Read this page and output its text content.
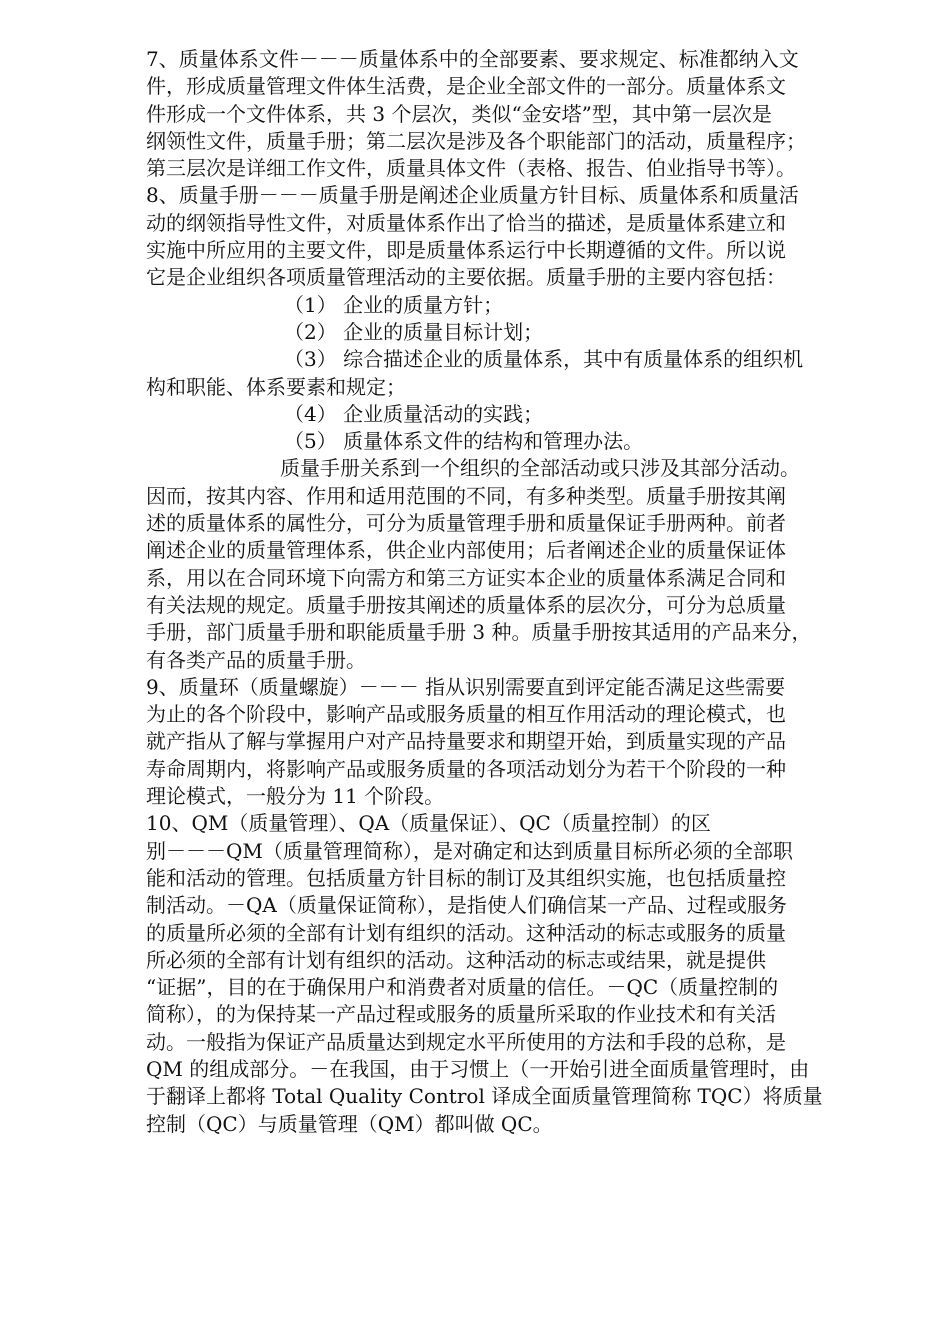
7、质量体系文件－－－质量体系中的全部要素、要求规定、标准都纳入文
件，形成质量管理文件体生活费，是企业全部文件的一部分。质量体系文
件形成一个文件体系，共 3 个层次，类似“金安塔”型，其中第一层次是
纲领性文件，质量手册；第二层次是涉及各个职能部门的活动，质量程序；
第三层次是详细工作文件，质量具体文件（表格、报告、伯业指导书等）。
8、质量手册－－－质量手册是阐述企业质量方针目标、质量体系和质量活
动的纲领指导性文件，对质量体系作出了恰当的描述，是质量体系建立和
实施中所应用的主要文件，即是质量体系运行中长期遵循的文件。所以说
它是企业组织各项质量管理活动的主要依据。质量手册的主要内容包括：
（1） 企业的质量方针；
（2） 企业的质量目标计划；
（3） 综合描述企业的质量体系，其中有质量体系的组织机
构和职能、体系要素和规定；
（4） 企业质量活动的实践；
（5） 质量体系文件的结构和管理办法。
质量手册关系到一个组织的全部活动或只涉及其部分活动。
因而，按其内容、作用和适用范围的不同，有多种类型。质量手册按其阐
述的质量体系的属性分，可分为质量管理手册和质量保证手册两种。前者
阐述企业的质量管理体系，供企业内部使用；后者阐述企业的质量保证体
系，用以在合同环境下向需方和第三方证实本企业的质量体系满足合同和
有关法规的规定。质量手册按其阐述的质量体系的层次分，可分为总质量
手册，部门质量手册和职能质量手册 3 种。质量手册按其适用的产品来分，
有各类产品的质量手册。
9、质量环（质量螺旋）－－－ 指从识别需要直到评定能否满足这些需要
为止的各个阶段中，影响产品或服务质量的相互作用活动的理论模式，也
就产指从了解与掌握用户对产品持量要求和期望开始，到质量实现的产品
寿命周期内，将影响产品或服务质量的各项活动划分为若干个阶段的一种
理论模式，一般分为 11 个阶段。
10、QM（质量管理）、QA（质量保证）、QC（质量控制）的区
别－－－QM（质量管理简称），是对确定和达到质量目标所必须的全部职
能和活动的管理。包括质量方针目标的制订及其组织实施，也包括质量控
制活动。－QA（质量保证简称），是指使人们确信某一产品、过程或服务
的质量所必须的全部有计划有组织的活动。这种活动的标志或服务的质量
所必须的全部有计划有组织的活动。这种活动的标志或结果，就是提供
“证据”，目的在于确保用户和消费者对质量的信任。－QC（质量控制的
简称），的为保持某一产品过程或服务的质量所采取的作业技术和有关活
动。一般指为保证产品质量达到规定水平所使用的方法和手段的总称，是
QM 的组成部分。－在我国，由于习惯上（一开始引进全面质量管理时，由
于翻译上都将 Total Quality Control 译成全面质量管理简称 TQC）将质量
控制（QC）与质量管理（QM）都叫做 QC。
